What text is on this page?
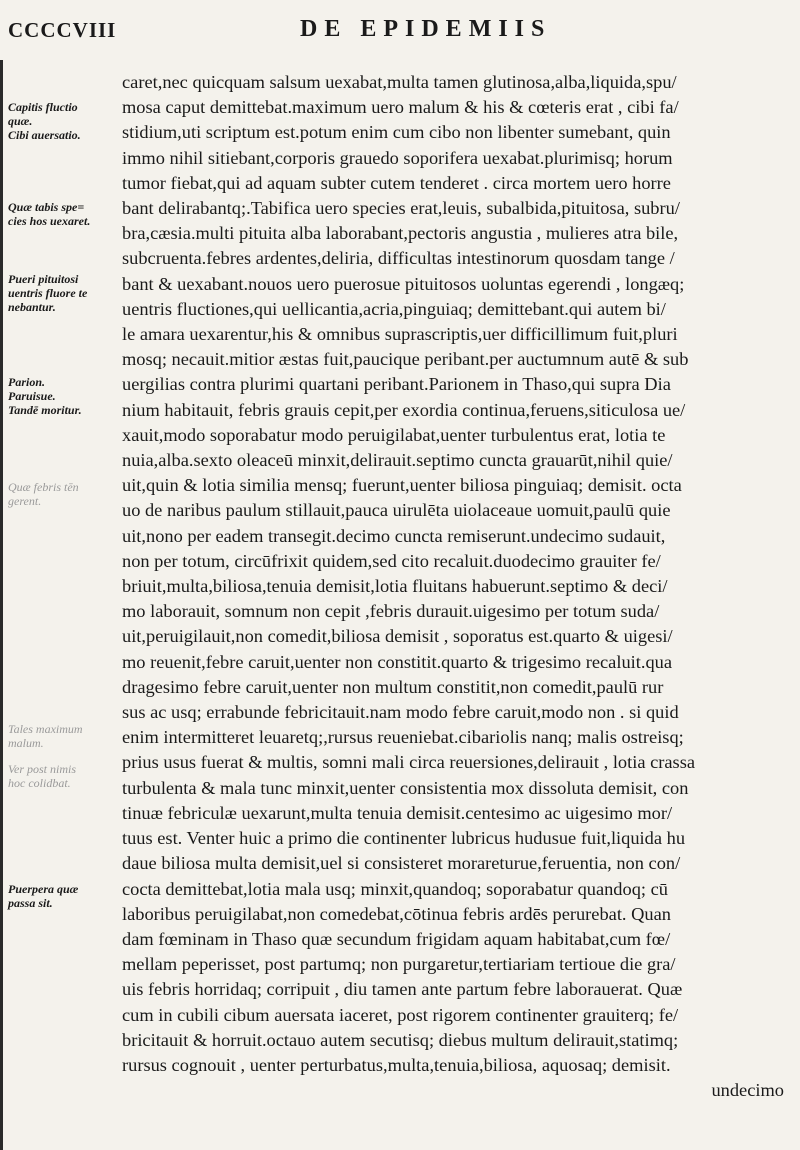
CCCCVIII	DE EPIDEMIIS
Capitis fluctio
quæ.
Cibi auersatio.
Quæ tabis spe=
cies hos uexaret.
Pueri pituitosi
uentris fluore te
nebantur.
Parion.
Paruisue.
Tandē moritur.
Quæ febris tēn
gerent.
Tales maximum
malum.
Ver post nimis
hoc colidbat.
Puerpera quæ
passa sit.
caret,nec quicquam salsum uexabat,multa tamen glutinosa,alba,liquida,spu/
mosa caput demittebat.maximum uero malum & his & cœteris erat , cibi fa/
stidium,uti scriptum est.potum enim cum cibo non libenter sumebant, quin
immo nihil sitiebant,corporis grauedo soporifera uexabat.plurimisq; horum
tumor fiebat,qui ad aquam subter cutem tenderet . circa mortem uero horre
bant delirabantq;.Tabifica uero species erat,leuis, subalbida,pituitosa, subru/
bra,cæsia.multi pituita alba laborabant,pectoris angustia , mulieres atra bile,
subcruenta.febres ardentes,deliria, difficultas intestinorum quosdam tange /
bant & uexabant.nouos uero puerosue pituitosos uoluntas egerendi , longæq;
uentris fluctiones,qui uellicantia,acria,pinguiaq; demittebant.qui autem bi/
le amara uexarentur,his & omnibus suprascriptis,uer difficillimum fuit,pluri
mosq; necauit.mitior æstas fuit,paucique peribant.per auctumnum autē & sub
uergilias contra plurimi quartani peribant.Parionem in Thaso,qui supra Dia
nium habitauit, febris grauis cepit,per exordia continua,feruens,siticulosa ue/
xauit,modo soporabatur modo peruigilabat,uenter turbulentus erat, lotia te
nuia,alba.sexto oleaceū minxit,delirauit.septimo cuncta grauarūt,nihil quie/
uit,quin & lotia similia mensq; fuerunt,uenter biliosa pinguiaq; demisit. octa
uo de naribus paulum stillauit,pauca uirulēta uiolaceaue uomuit,paulū quie
uit,nono per eadem transegit.decimo cuncta remiserunt.undecimo sudauit,
non per totum, circūfrixit quidem,sed cito recaluit.duodecimo grauiter fe/
briuit,multa,biliosa,tenuia demisit,lotia fluitans habuerunt.septimo & deci/
mo laborauit, somnum non cepit ,febris durauit.uigesimo per totum suda/
uit,peruigilauit,non comedit,biliosa demisit , soporatus est.quarto & uigesi/
mo reuenit,febre caruit,uenter non constitit.quarto & trigesimo recaluit.qua
dragesimo febre caruit,uenter non multum constitit,non comedit,paulū rur
sus ac usq; errabunde febricitauit.nam modo febre caruit,modo non . si quid
enim intermitteret leuaretq;,rursus reueniebat.cibariolis nanq; malis ostreisq;
prius usus fuerat & multis, somni mali circa reuersiones,delirauit , lotia crassa
turbulenta & mala tunc minxit,uenter consistentia mox dissoluta demisit, con
tinuæ febriculæ uexarunt,multa tenuia demisit.centesimo ac uigesimo mor/
tuus est. Venter huic a primo die continenter lubricus hudusue fuit,liquida hu
daue biliosa multa demisit,uel si consisteret morareturue,feruentia, non con/
cocta demittebat,lotia mala usq; minxit,quandoq; soporabatur quandoq; cū
laboribus peruigilabat,non comedebat,cōtinua febris ardēs perurebat. Quan
dam fœminam in Thaso quæ secundum frigidam aquam habitabat,cum fœ/
mellam peperisset, post partumq; non purgaretur,tertiariam tertioue die gra/
uis febris horridaq; corripuit , diu tamen ante partum febre laborauerat. Quæ
cum in cubili cibum auersata iaceret, post rigorem continenter grauiterq; fe/
bricitauit & horruit.octauo autem secutisq; diebus multum delirauit,statimq;
rursus cognouit , uenter perturbatus,multa,tenuia,biliosa, aquosaq; demisit.
undecimo
